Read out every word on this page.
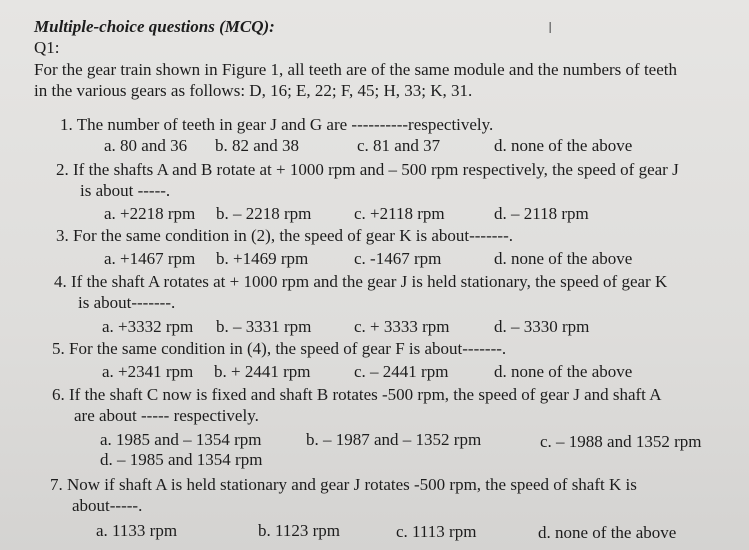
Multiple-choice questions (MCQ):	I
Q1:
For the gear train shown in Figure 1, all teeth are of the same module and the numbers of teeth
in the various gears as follows: D, 16; E, 22; F, 45; H, 33; K, 31.
1. The number of teeth in gear J and G are ----------respectively.
a. 80 and 36 b. 82 and 38	c. 81 and 37	d. none of the above
2. If the shafts A and B rotate at + 1000 rpm and – 500 rpm respectively, the speed of gear J
is about -----.
a. +2218 rpm b. – 2218 rpm	c. +2118 rpm	d. – 2118 rpm
3. For the same condition in (2), the speed of gear K is about-------.
a. +1467 rpm b. +1469 rpm	c. -1467 rpm	d. none of the above
4. If the shaft A rotates at + 1000 rpm and the gear J is held stationary, the speed of gear K
is about-------.
a. +3332 rpm b. – 3331 rpm	c. + 3333 rpm	d. – 3330 rpm
5. For the same condition in (4), the speed of gear F is about-------.
a. +2341 rpm b. + 2441 rpm	c. – 2441 rpm	d. none of the above
6. If the shaft C now is fixed and shaft B rotates -500 rpm, the speed of gear J and shaft A
are about ----- respectively.
a. 1985 and – 1354 rpm	b. – 1987 and – 1352 rpm	c. – 1988 and 1352 rpm
d. – 1985 and 1354 rpm
7. Now if shaft A is held stationary and gear J rotates -500 rpm, the speed of shaft K is
about-----.
a. 1133 rpm	b. 1123 rpm	c. 1113 rpm	d. none of the above
